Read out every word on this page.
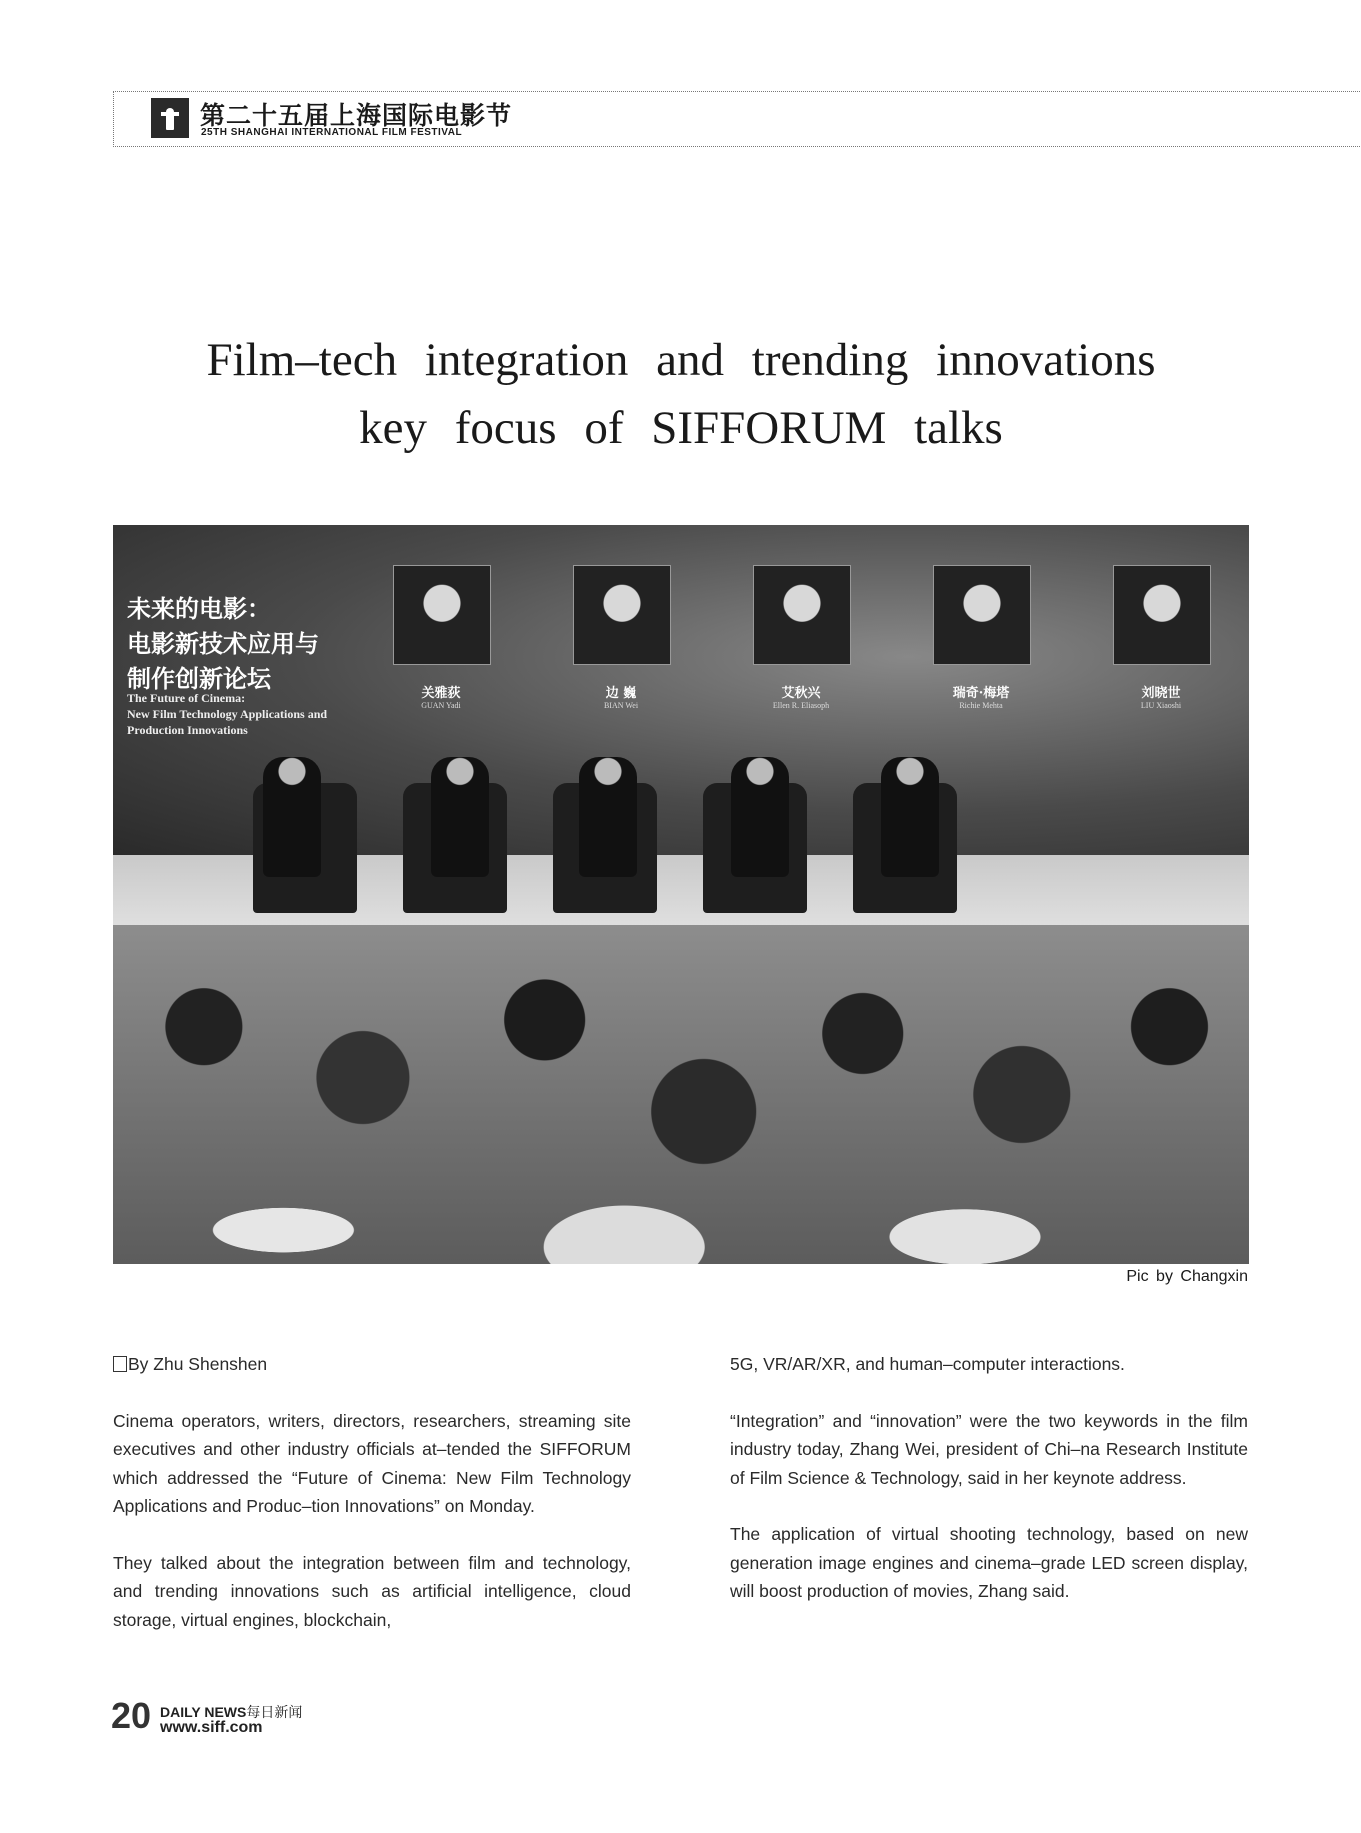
第二十五届上海国际电影节
25TH SHANGHAI INTERNATIONAL FILM FESTIVAL
Film–tech integration and trending innovations
key focus of SIFFORUM talks
未来的电影：
电影新技术应用与
制作创新论坛
The Future of Cinema:
New Film Technology Applications and
Production Innovations
关雅荻
GUAN Yadi
边 巍
BIAN Wei
艾秋兴
Ellen R. Eliasoph
瑞奇·梅塔
Richie Mehta
刘晓世
LIU Xiaoshi
Pic by Changxin
By Zhu Shenshen

Cinema operators, writers, directors, researchers, streaming site executives and other industry officials at–tended the SIFFORUM which addressed the “Future of Cinema: New Film Technology Applications and Produc–tion Innovations” on Monday.

They talked about the integration between film and technology, and trending innovations such as artificial intelligence, cloud storage, virtual engines, blockchain,

5G, VR/AR/XR, and human–computer interactions.

“Integration” and “innovation” were the two keywords in the film industry today, Zhang Wei, president of Chi–na Research Institute of Film Science & Technology, said in her keynote address.

The application of virtual shooting technology, based on new generation image engines and cinema–grade LED screen display, will boost production of movies, Zhang said.

20 DAILY NEWS每日新闻
www.siff.com
